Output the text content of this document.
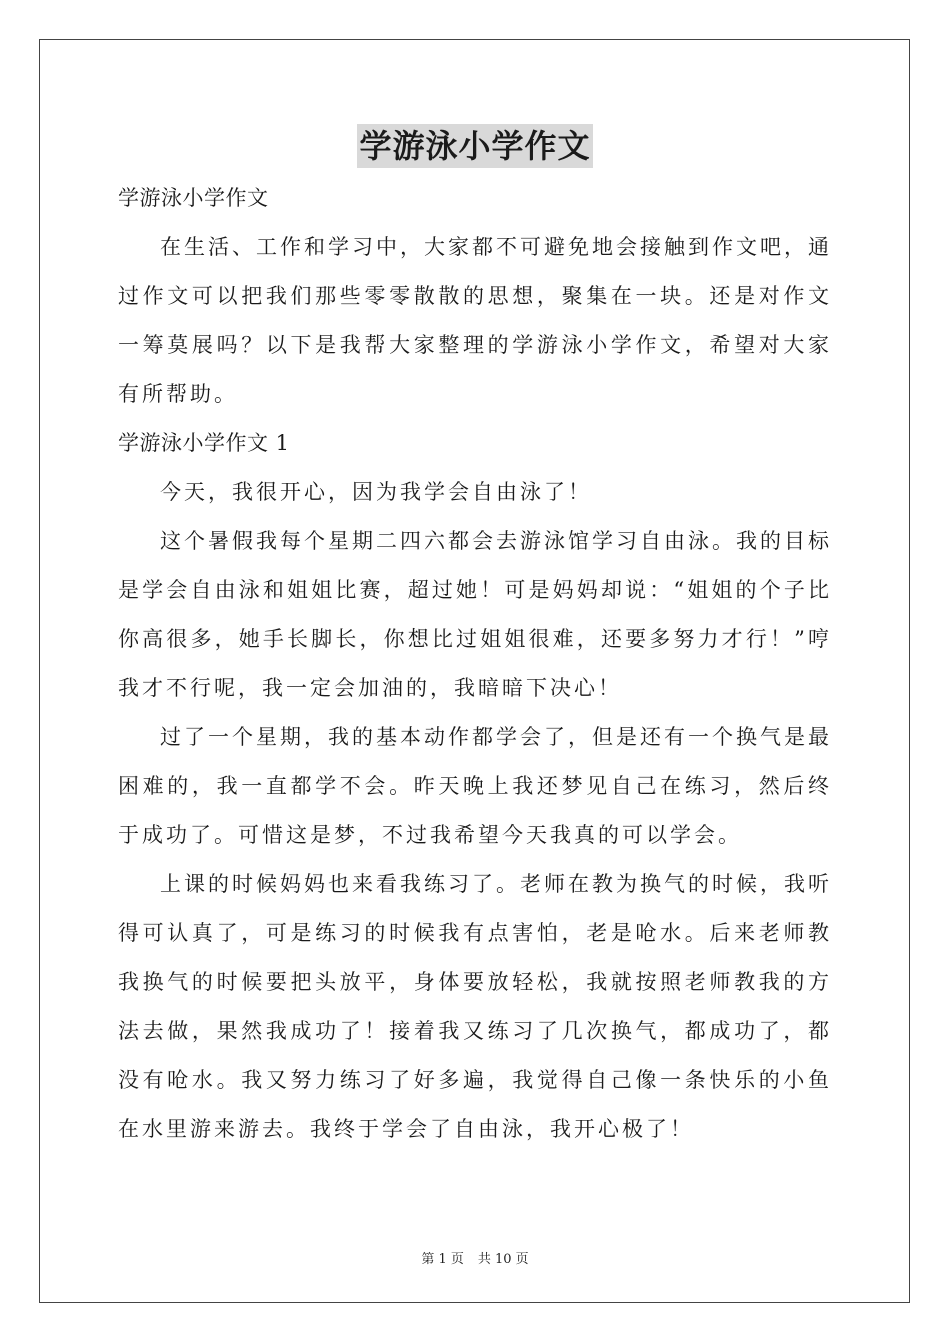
学游泳小学作文

学游泳小学作文

在生活、工作和学习中，大家都不可避免地会接触到作文吧，通过作文可以把我们那些零零散散的思想，聚集在一块。还是对作文一筹莫展吗？以下是我帮大家整理的学游泳小学作文，希望对大家有所帮助。

学游泳小学作文 1

今天，我很开心，因为我学会自由泳了！

这个暑假我每个星期二四六都会去游泳馆学习自由泳。我的目标是学会自由泳和姐姐比赛，超过她！可是妈妈却说：“姐姐的个子比你高很多，她手长脚长，你想比过姐姐很难，还要多努力才行！”哼我才不行呢，我一定会加油的，我暗暗下决心！

过了一个星期，我的基本动作都学会了，但是还有一个换气是最困难的，我一直都学不会。昨天晚上我还梦见自己在练习，然后终于成功了。可惜这是梦，不过我希望今天我真的可以学会。

上课的时候妈妈也来看我练习了。老师在教为换气的时候，我听得可认真了，可是练习的时候我有点害怕，老是呛水。后来老师教我换气的时候要把头放平，身体要放轻松，我就按照老师教我的方法去做，果然我成功了！接着我又练习了几次换气，都成功了，都没有呛水。我又努力练习了好多遍，我觉得自己像一条快乐的小鱼在水里游来游去。我终于学会了自由泳，我开心极了！

第 1 页 共 10 页
